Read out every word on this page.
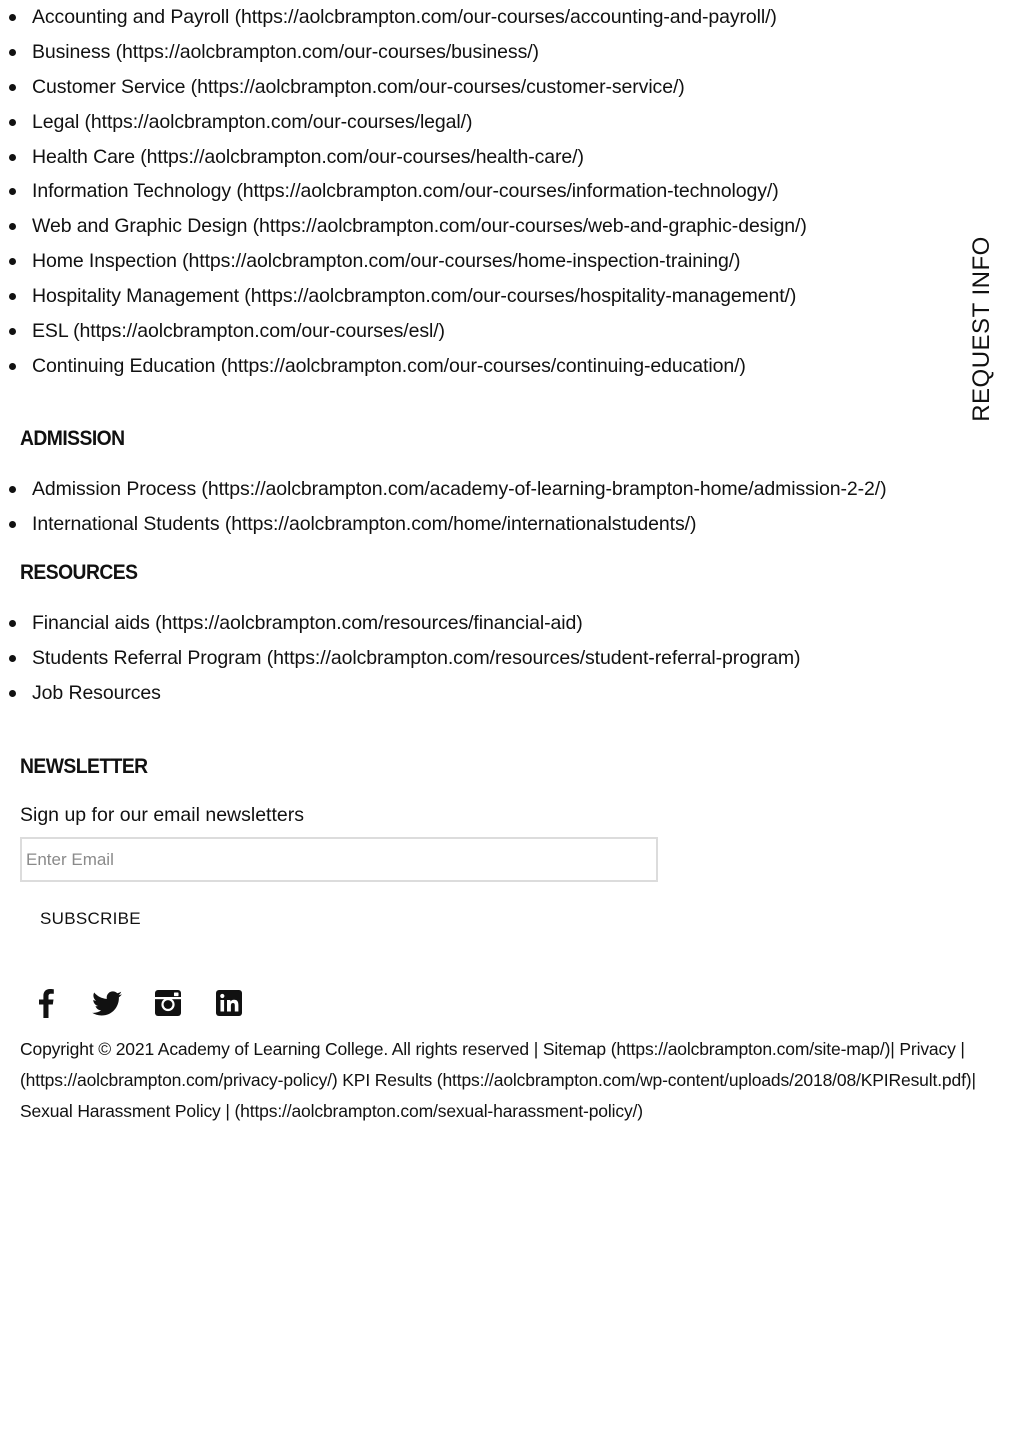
Accounting and Payroll (https://aolcbrampton.com/our-courses/accounting-and-payroll/)
Business (https://aolcbrampton.com/our-courses/business/)
Customer Service (https://aolcbrampton.com/our-courses/customer-service/)
Legal (https://aolcbrampton.com/our-courses/legal/)
Health Care (https://aolcbrampton.com/our-courses/health-care/)
Information Technology (https://aolcbrampton.com/our-courses/information-technology/)
Web and Graphic Design (https://aolcbrampton.com/our-courses/web-and-graphic-design/)
Home Inspection (https://aolcbrampton.com/our-courses/home-inspection-training/)
Hospitality Management (https://aolcbrampton.com/our-courses/hospitality-management/)
ESL (https://aolcbrampton.com/our-courses/esl/)
Continuing Education (https://aolcbrampton.com/our-courses/continuing-education/)
ADMISSION
Admission Process (https://aolcbrampton.com/academy-of-learning-brampton-home/admission-2-2/)
International Students (https://aolcbrampton.com/home/internationalstudents/)
RESOURCES
Financial aids (https://aolcbrampton.com/resources/financial-aid)
Students Referral Program (https://aolcbrampton.com/resources/student-referral-program)
Job Resources
NEWSLETTER
Sign up for our email newsletters
Enter Email
SUBSCRIBE
Copyright © 2021 Academy of Learning College. All rights reserved | Sitemap (https://aolcbrampton.com/site-map/)| Privacy | (https://aolcbrampton.com/privacy-policy/) KPI Results (https://aolcbrampton.com/wp-content/uploads/2018/08/KPIResult.pdf)| Sexual Harassment Policy | (https://aolcbrampton.com/sexual-harassment-policy/)
REQUEST INFO
